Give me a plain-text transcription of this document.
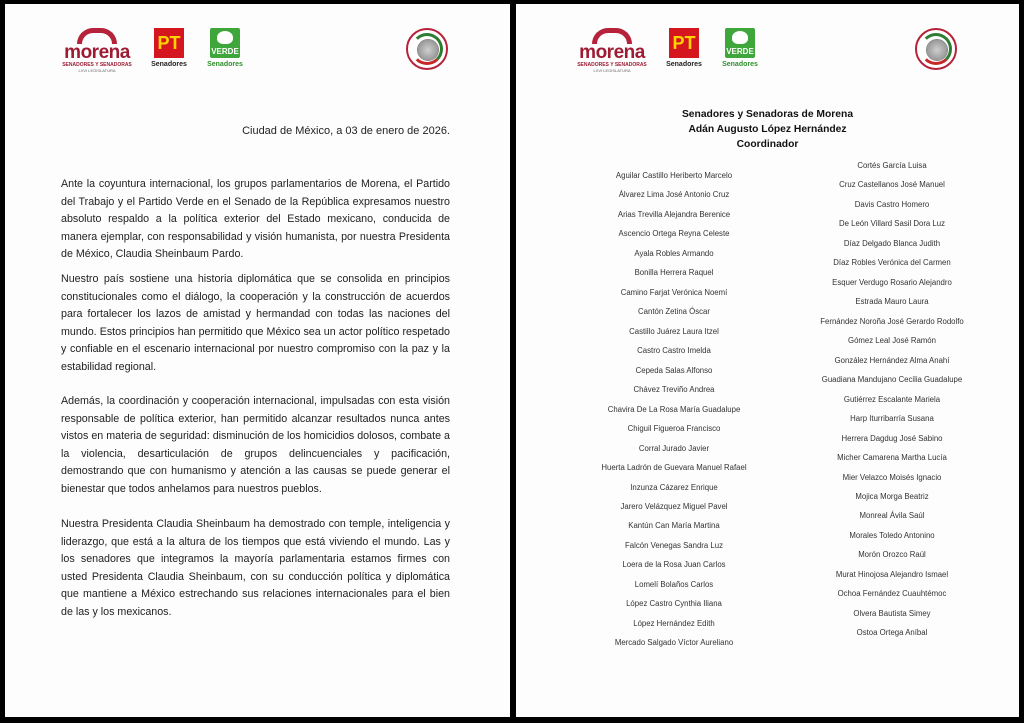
morena
SENADORES Y SENADORAS
LXVI LEGISLATURA
PT
Senadores
VERDE
Senadores
Ciudad de México, a 03 de enero de 2026.

Ante la coyuntura internacional, los grupos parlamentarios de Morena, el Partido del Trabajo y el Partido Verde en el Senado de la República expresamos nuestro absoluto respaldo a la política exterior del Estado mexicano, conducida de manera ejemplar, con responsabilidad y visión humanista, por nuestra Presidenta de México, Claudia Sheinbaum Pardo.

Nuestro país sostiene una historia diplomática que se consolida en principios constitucionales como el diálogo, la cooperación y la construcción de acuerdos para fortalecer los lazos de amistad y hermandad con todas las naciones del mundo. Estos principios han permitido que México sea un actor político respetado y confiable en el escenario internacional por nuestro compromiso con la paz y la estabilidad regional.

Además, la coordinación y cooperación internacional, impulsadas con esta visión responsable de política exterior, han permitido alcanzar resultados nunca antes vistos en materia de seguridad: disminución de los homicidios dolosos, combate a la violencia, desarticulación de grupos delincuenciales y pacificación, demostrando que con humanismo y atención a las causas se puede generar el bienestar que todos anhelamos para nuestros pueblos.

Nuestra Presidenta Claudia Sheinbaum ha demostrado con temple, inteligencia y liderazgo, que está a la altura de los tiempos que está viviendo el mundo. Las y los senadores que integramos la mayoría parlamentaria estamos firmes con usted Presidenta Claudia Sheinbaum, con su conducción política y diplomática que mantiene a México estrechando sus relaciones internacionales para el bien de las y los mexicanos.

morena
SENADORES Y SENADORAS
LXVI LEGISLATURA
PT
Senadores
VERDE
Senadores
Senadores y Senadoras de Morena
Adán Augusto López Hernández
Coordinador
Aguilar Castillo Heriberto Marcelo
Álvarez Lima José Antonio Cruz
Arias Trevilla Alejandra Berenice
Ascencio Ortega Reyna Celeste
Ayala Robles Armando
Bonilla Herrera Raquel
Camino Farjat Verónica Noemí
Cantón Zetina Óscar
Castillo Juárez Laura Itzel
Castro Castro Imelda
Cepeda Salas Alfonso
Chávez Treviño Andrea
Chavira De La Rosa María Guadalupe
Chiguil Figueroa Francisco
Corral Jurado Javier
Huerta Ladrón de Guevara Manuel Rafael
Inzunza Cázarez Enrique
Jarero Velázquez Miguel Pavel
Kantún Can María Martina
Falcón Venegas Sandra Luz
Loera de la Rosa Juan Carlos
Lomelí Bolaños Carlos
López Castro Cynthia Iliana
López Hernández Edith
Mercado Salgado Víctor Aureliano
Cortés García Luisa
Cruz Castellanos José Manuel
Davis Castro Homero
De León Villard Sasil Dora Luz
Díaz Delgado Blanca Judith
Díaz Robles Verónica del Carmen
Esquer Verdugo Rosario Alejandro
Estrada Mauro Laura
Fernández Noroña José Gerardo Rodolfo
Gómez Leal José Ramón
González Hernández Alma Anahí
Guadiana Mandujano Cecilia Guadalupe
Gutiérrez Escalante Mariela
Harp Iturribarría Susana
Herrera Dagdug José Sabino
Micher Camarena Martha Lucía
Mier Velazco Moisés Ignacio
Mojica Morga Beatriz
Monreal Ávila Saúl
Morales Toledo Antonino
Morón Orozco Raúl
Murat Hinojosa Alejandro Ismael
Ochoa Fernández Cuauhtémoc
Olvera Bautista Simey
Ostoa Ortega Aníbal
